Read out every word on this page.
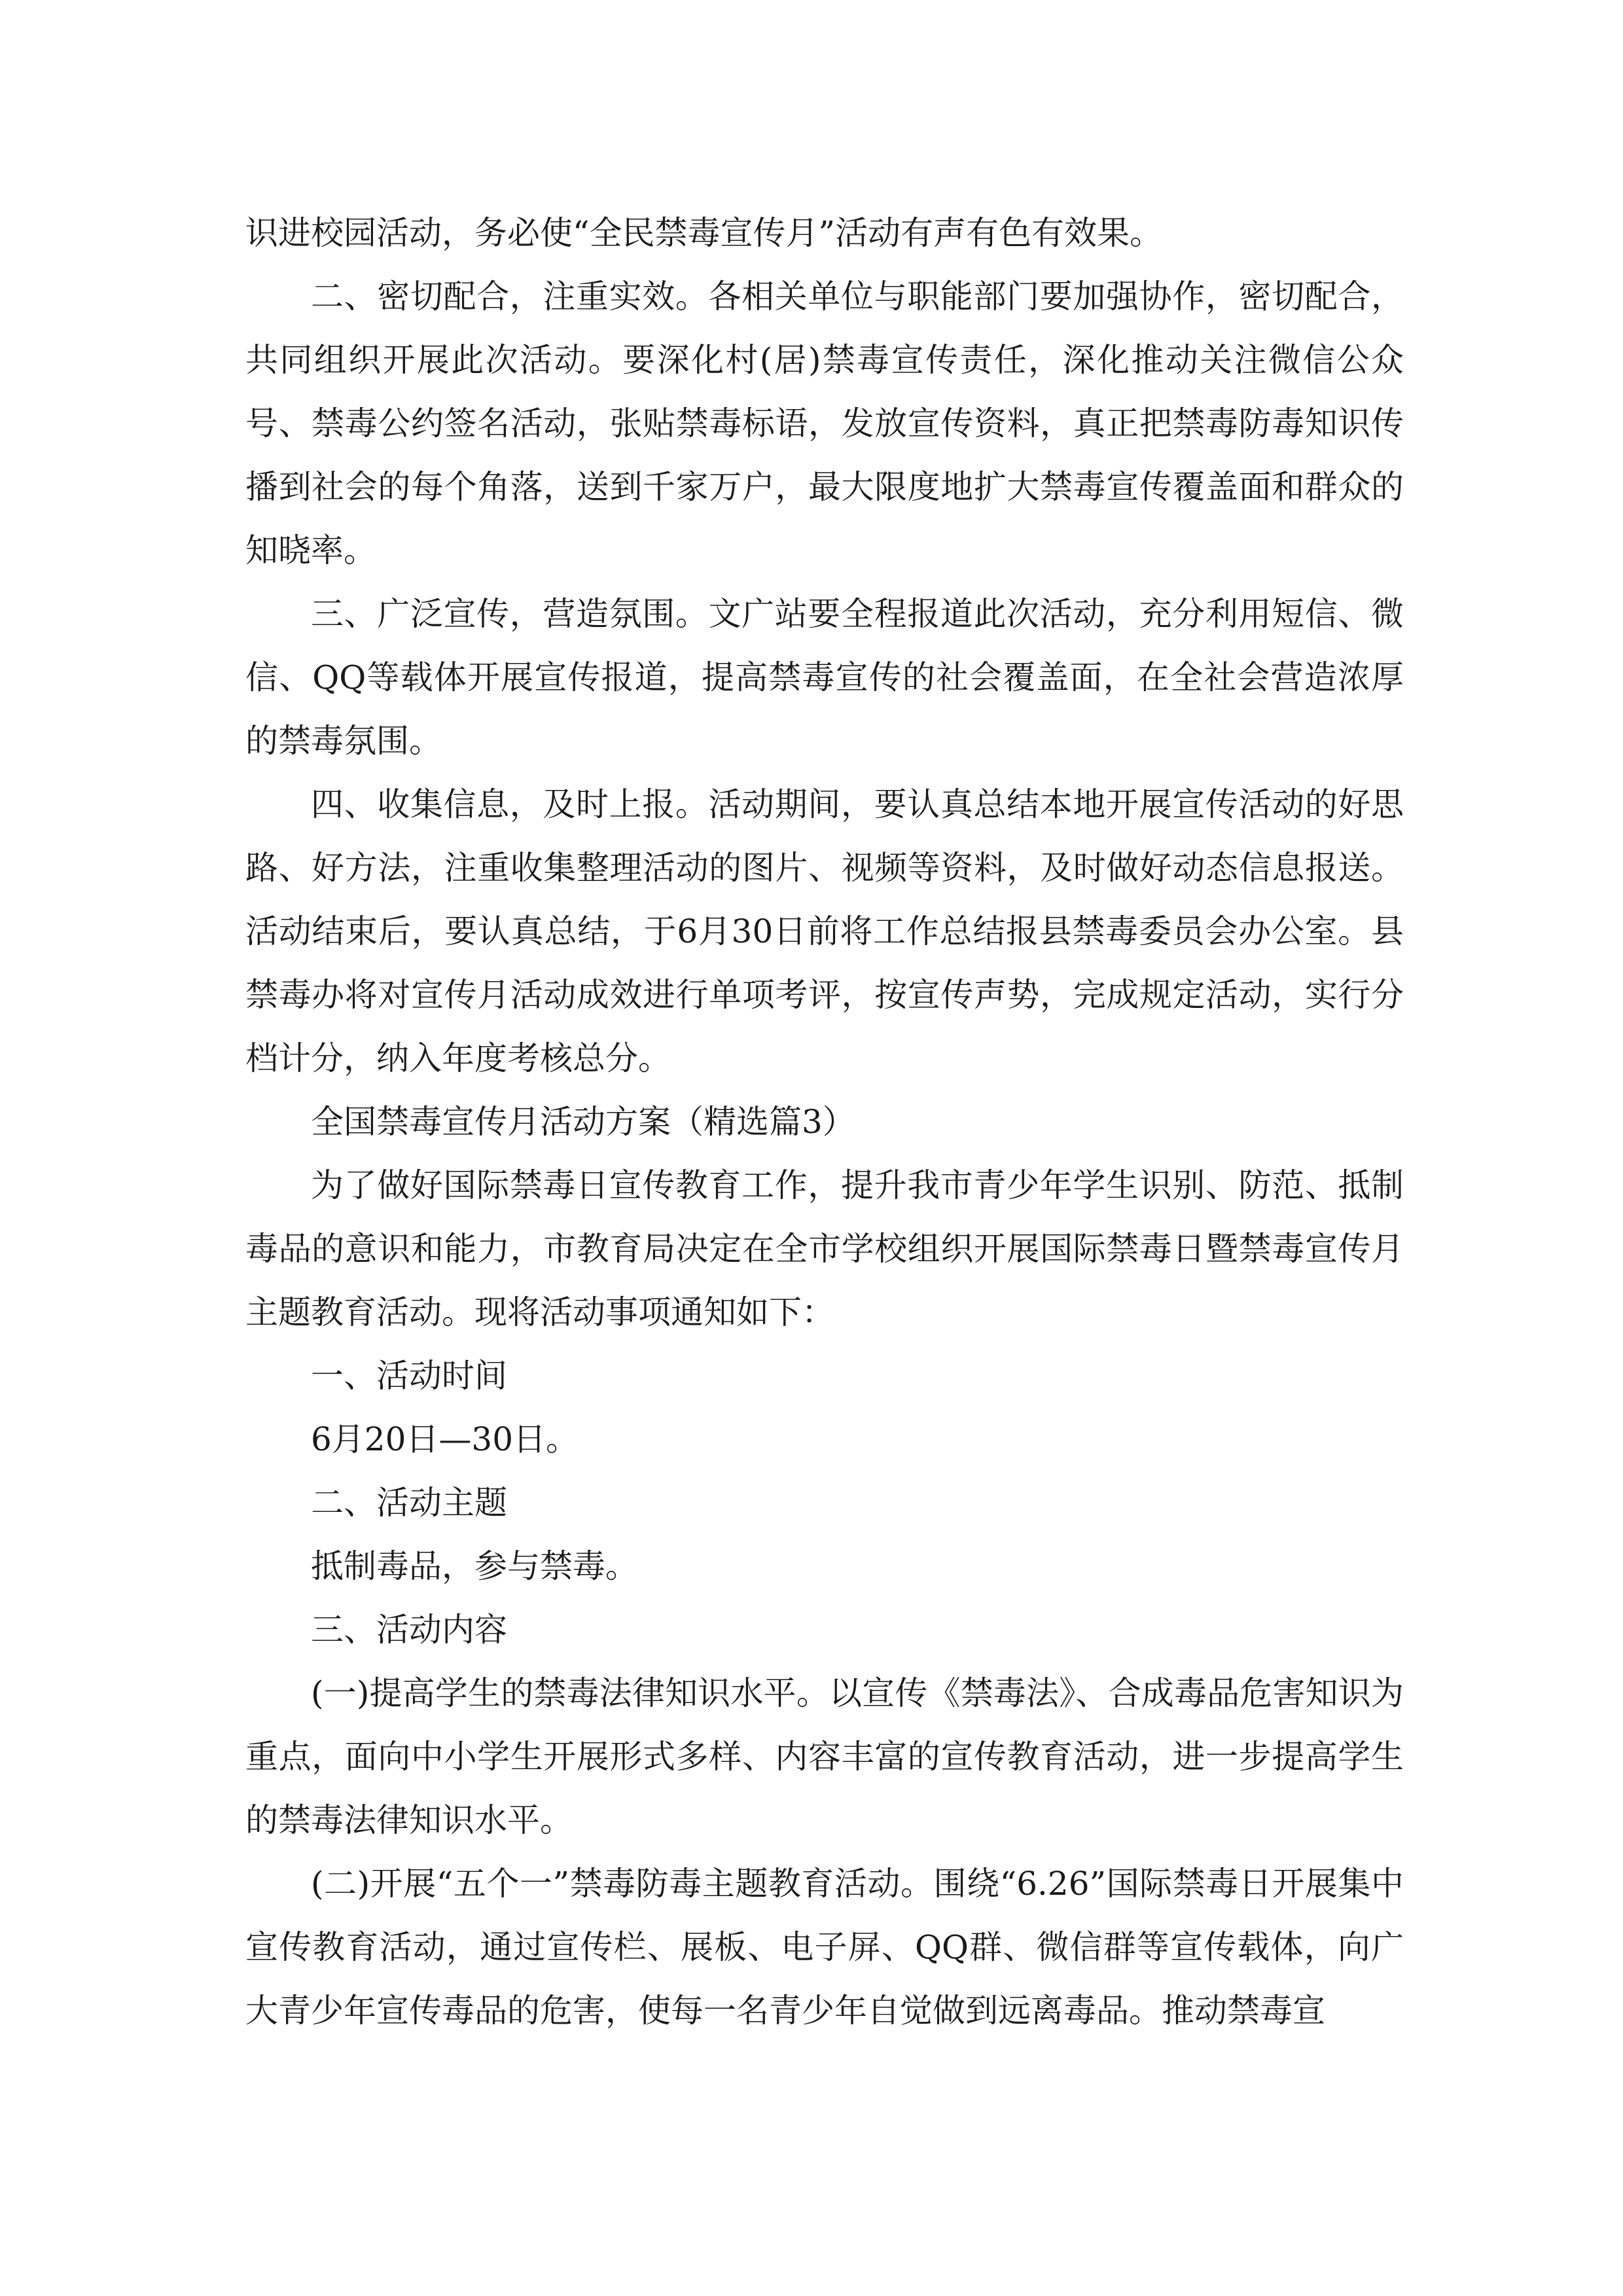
识进校园活动，务必使“全民禁毒宣传月”活动有声有色有效果。

二、密切配合，注重实效。各相关单位与职能部门要加强协作，密切配合，共同组织开展此次活动。要深化村(居)禁毒宣传责任，深化推动关注微信公众号、禁毒公约签名活动，张贴禁毒标语，发放宣传资料，真正把禁毒防毒知识传播到社会的每个角落，送到千家万户，最大限度地扩大禁毒宣传覆盖面和群众的知晓率。

三、广泛宣传，营造氛围。文广站要全程报道此次活动，充分利用短信、微信、QQ等载体开展宣传报道，提高禁毒宣传的社会覆盖面，在全社会营造浓厚的禁毒氛围。

四、收集信息，及时上报。活动期间，要认真总结本地开展宣传活动的好思路、好方法，注重收集整理活动的图片、视频等资料，及时做好动态信息报送。活动结束后，要认真总结，于6月30日前将工作总结报县禁毒委员会办公室。县禁毒办将对宣传月活动成效进行单项考评，按宣传声势，完成规定活动，实行分档计分，纳入年度考核总分。

全国禁毒宣传月活动方案（精选篇3）

为了做好国际禁毒日宣传教育工作，提升我市青少年学生识别、防范、抵制毒品的意识和能力，市教育局决定在全市学校组织开展国际禁毒日暨禁毒宣传月主题教育活动。现将活动事项通知如下：

一、活动时间

6月20日—30日。

二、活动主题

抵制毒品，参与禁毒。

三、活动内容

(一)提高学生的禁毒法律知识水平。以宣传《禁毒法》、合成毒品危害知识为重点，面向中小学生开展形式多样、内容丰富的宣传教育活动，进一步提高学生的禁毒法律知识水平。

(二)开展“五个一”禁毒防毒主题教育活动。围绕“6.26”国际禁毒日开展集中宣传教育活动，通过宣传栏、展板、电子屏、QQ群、微信群等宣传载体，向广大青少年宣传毒品的危害，使每一名青少年自觉做到远离毒品。推动禁毒宣
